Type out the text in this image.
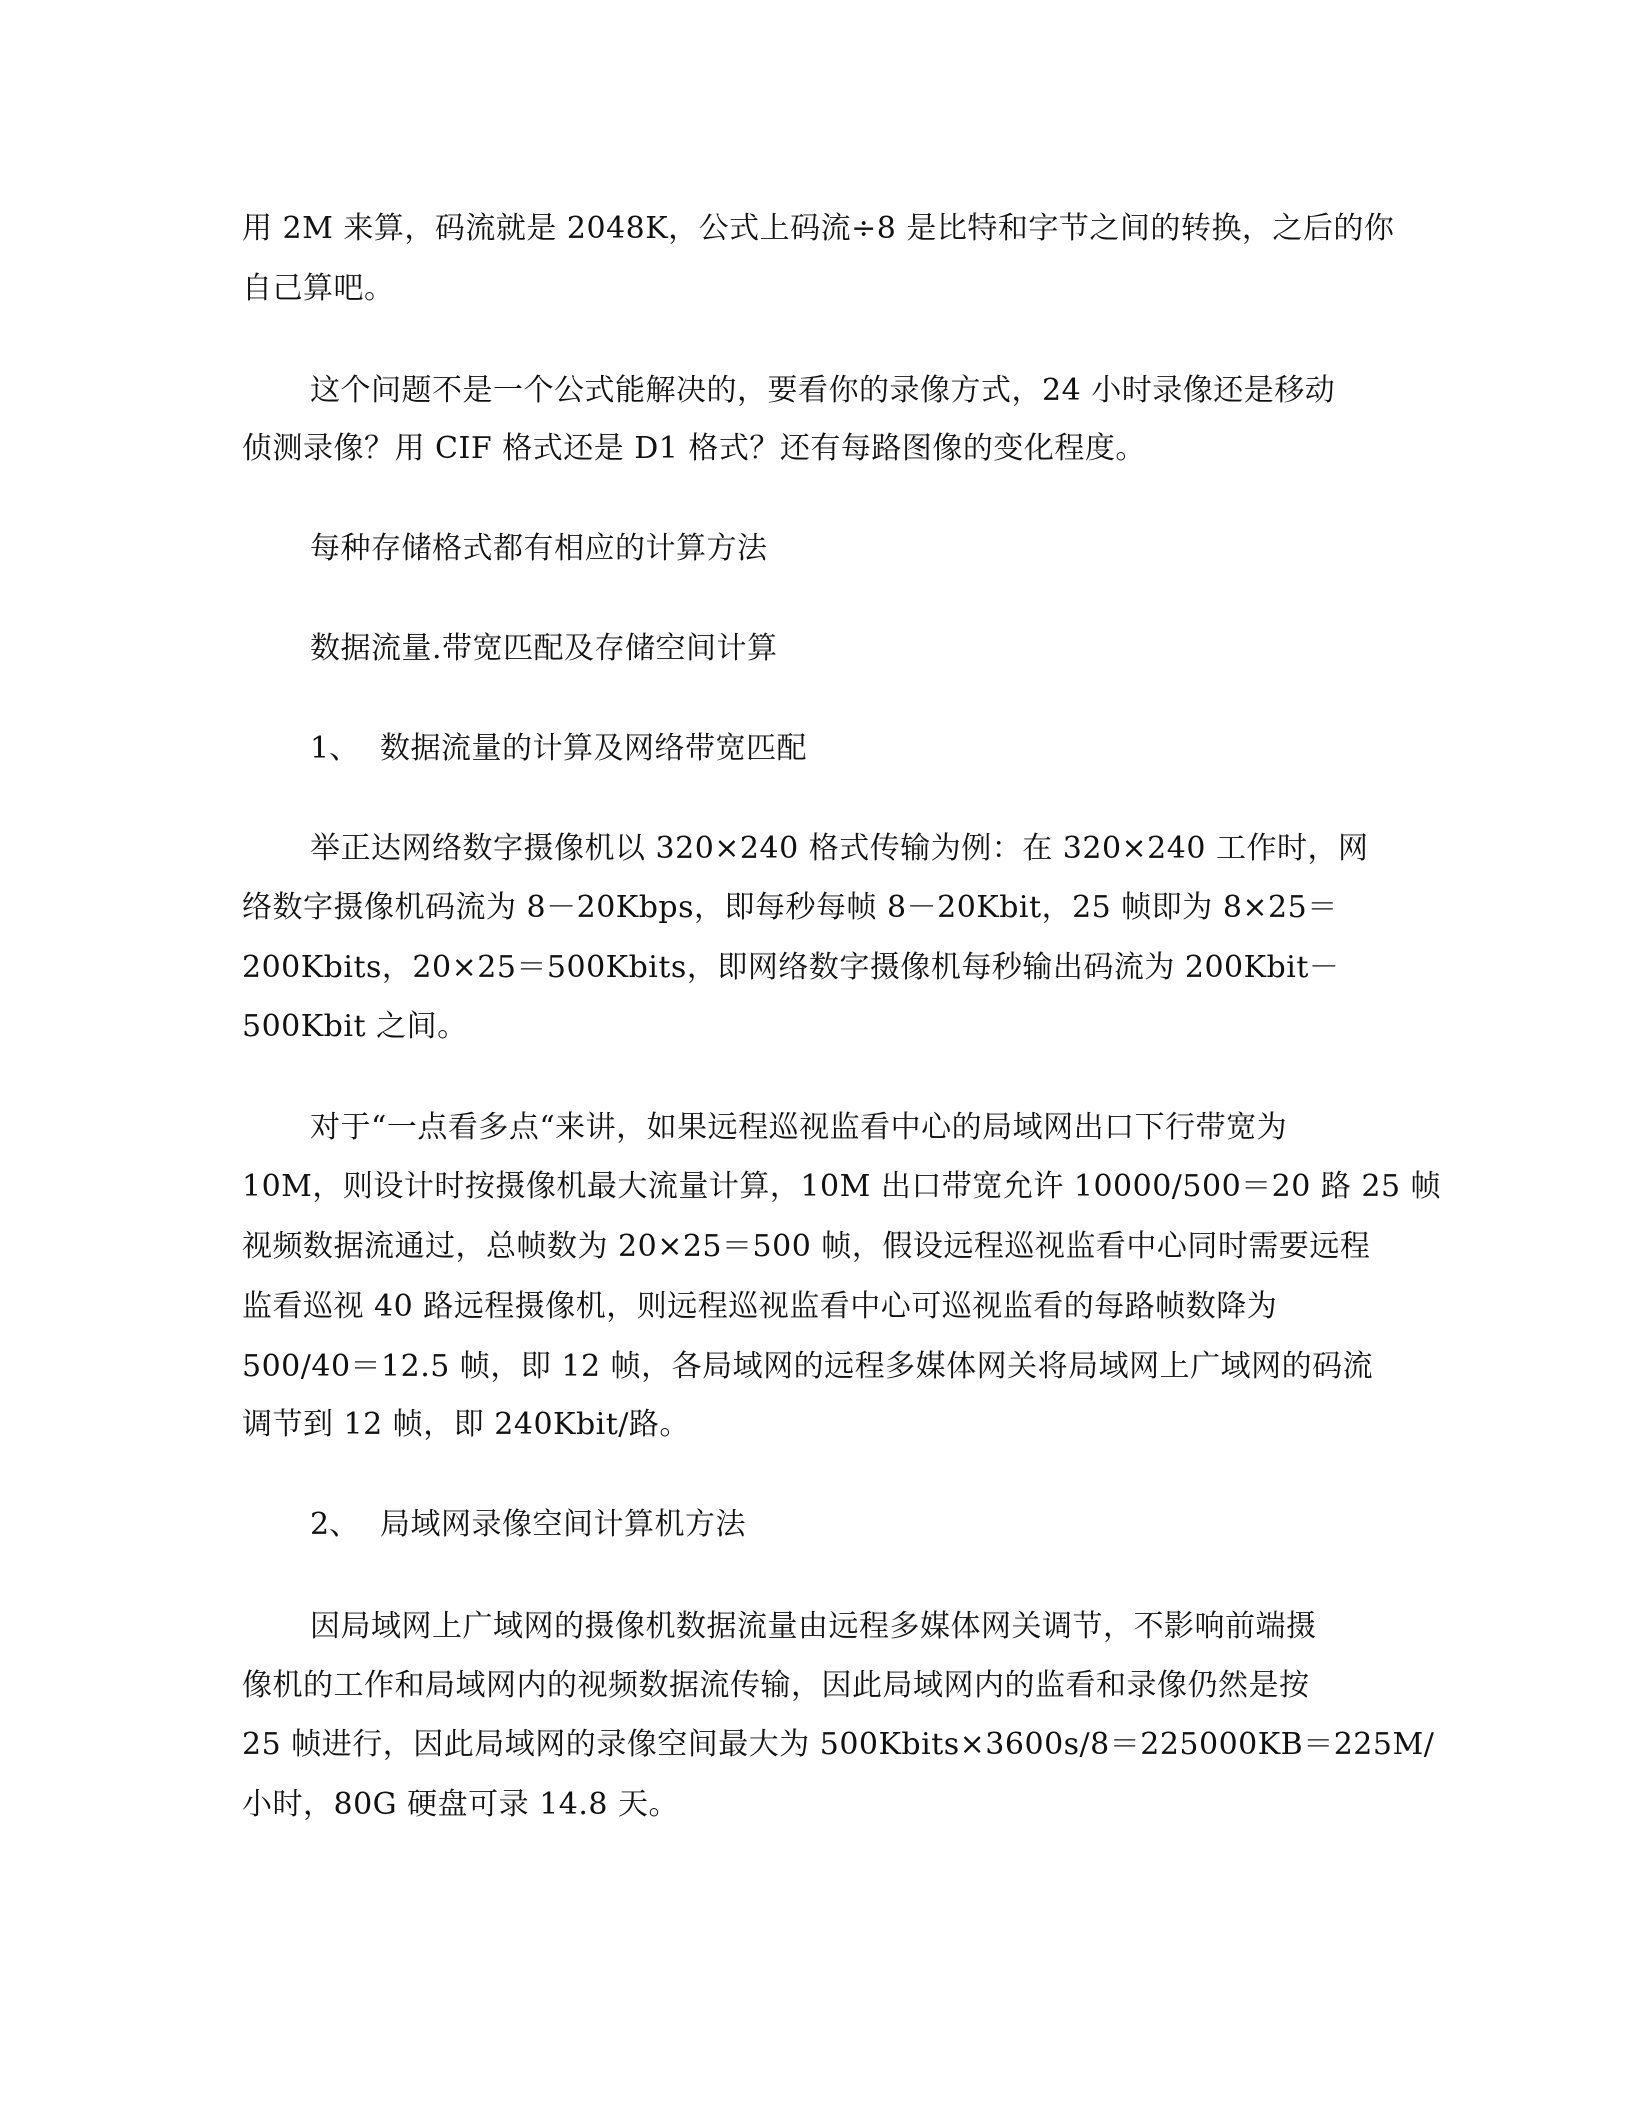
用 2M 来算，码流就是 2048K，公式上码流÷8 是比特和字节之间的转换，之后的你
自己算吧。
这个问题不是一个公式能解决的，要看你的录像方式，24 小时录像还是移动
侦测录像？用 CIF 格式还是 D1 格式？还有每路图像的变化程度。
每种存储格式都有相应的计算方法
数据流量.带宽匹配及存储空间计算
1、 数据流量的计算及网络带宽匹配
举正达网络数字摄像机以 320×240 格式传输为例：在 320×240 工作时，网
络数字摄像机码流为 8－20Kbps，即每秒每帧 8－20Kbit，25 帧即为 8×25＝
200Kbits，20×25＝500Kbits，即网络数字摄像机每秒输出码流为 200Kbit－
500Kbit 之间。
对于“一点看多点“来讲，如果远程巡视监看中心的局域网出口下行带宽为
10M，则设计时按摄像机最大流量计算，10M 出口带宽允许 10000/500＝20 路 25 帧
视频数据流通过，总帧数为 20×25＝500 帧，假设远程巡视监看中心同时需要远程
监看巡视 40 路远程摄像机，则远程巡视监看中心可巡视监看的每路帧数降为
500/40＝12.5 帧，即 12 帧，各局域网的远程多媒体网关将局域网上广域网的码流
调节到 12 帧，即 240Kbit/路。
2、 局域网录像空间计算机方法
因局域网上广域网的摄像机数据流量由远程多媒体网关调节，不影响前端摄
像机的工作和局域网内的视频数据流传输，因此局域网内的监看和录像仍然是按
25 帧进行，因此局域网的录像空间最大为 500Kbits×3600s/8＝225000KB＝225M/
小时，80G 硬盘可录 14.8 天。
